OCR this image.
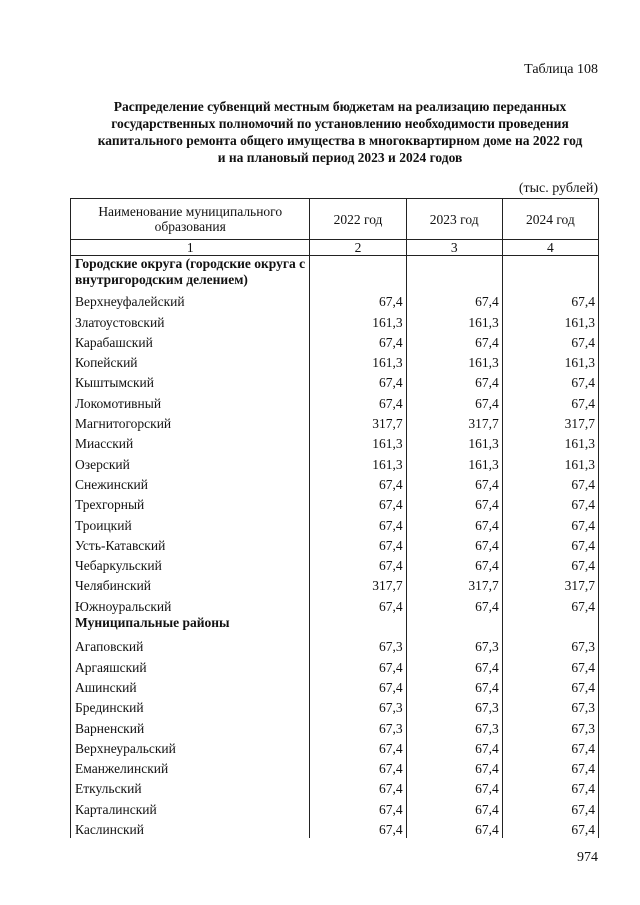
Таблица 108
Распределение субвенций местным бюджетам на реализацию переданных
государственных полномочий по установлению необходимости проведения
капитального ремонта общего имущества в многоквартирном доме на 2022 год
и на плановый период 2023 и 2024 годов
(тыс. рублей)
Наименование муниципального образования	2022 год	2023 год	2024 год
1	2	3	4
Городские округа (городские округа с внутригородским делением)			
Верхнеуфалейский	67,4	67,4	67,4
Златоустовский	161,3	161,3	161,3
Карабашский	67,4	67,4	67,4
Копейский	161,3	161,3	161,3
Кыштымский	67,4	67,4	67,4
Локомотивный	67,4	67,4	67,4
Магнитогорский	317,7	317,7	317,7
Миасский	161,3	161,3	161,3
Озерский	161,3	161,3	161,3
Снежинский	67,4	67,4	67,4
Трехгорный	67,4	67,4	67,4
Троицкий	67,4	67,4	67,4
Усть-Катавский	67,4	67,4	67,4
Чебаркульский	67,4	67,4	67,4
Челябинский	317,7	317,7	317,7
Южноуральский	67,4	67,4	67,4
Муниципальные районы			
Агаповский	67,3	67,3	67,3
Аргаяшский	67,4	67,4	67,4
Ашинский	67,4	67,4	67,4
Брединский	67,3	67,3	67,3
Варненский	67,3	67,3	67,3
Верхнеуральский	67,4	67,4	67,4
Еманжелинский	67,4	67,4	67,4
Еткульский	67,4	67,4	67,4
Карталинский	67,4	67,4	67,4
Каслинский	67,4	67,4	67,4
974
